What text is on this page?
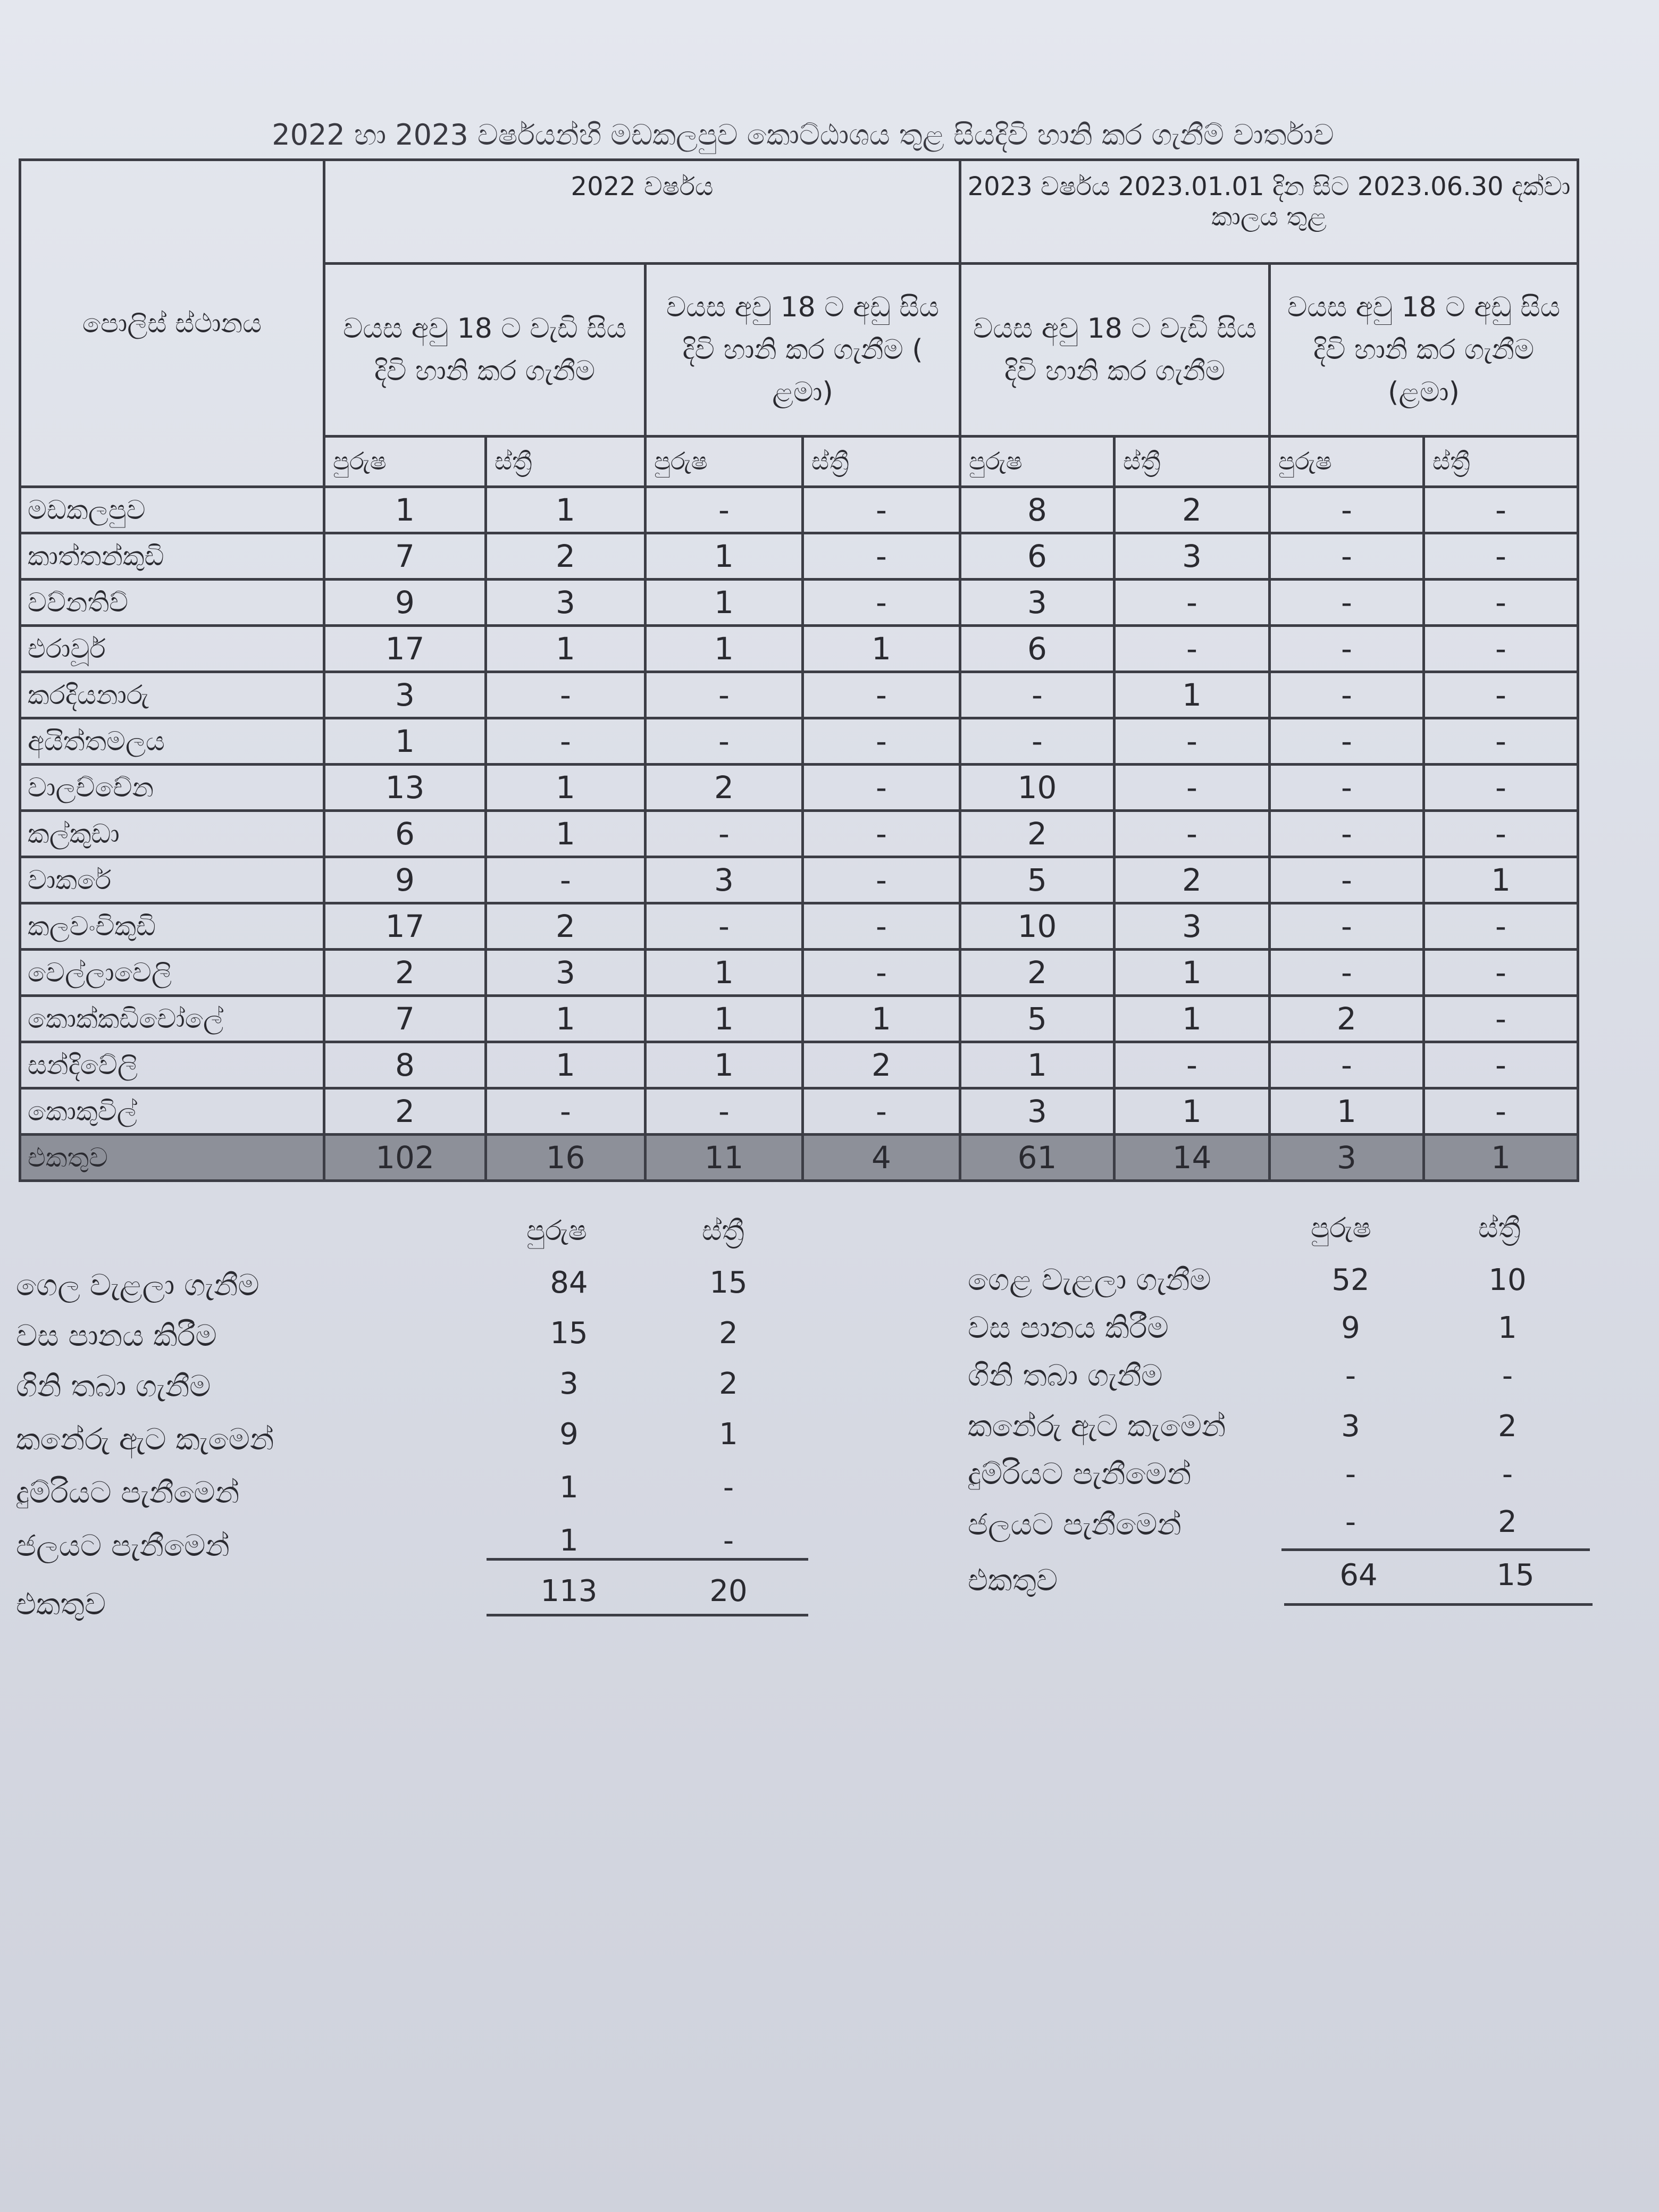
2022 හා 2023 වර්ෂයන්හි මඩකලපුව කොට්ඨාශය තුළ සියදිවි හානි කර ගැනීම් වාර්තාව
පොලිස් ස්ථානය	2022 වර්ෂය				2023 වර්ෂය 2023.01.01 දින සිට 2023.06.30 දක්වා කාලය තුළ			
	වයස අවු 18 ට වැඩි සිය දිවි හානි කර ගැනීම		වයස අවු 18 ට අඩු සිය දිවි හානි කර ගැනීම ( ළමා)		වයස අවු 18 ට වැඩි සිය දිවි හානි කර ගැනීම		වයස අවු 18 ට අඩු සිය දිවි හානි කර ගැනීම (ළමා)	
	පුරුෂ	ස්ත්‍රී	පුරුෂ	ස්ත්‍රී	පුරුෂ	ස්ත්‍රී	පුරුෂ	ස්ත්‍රී
මඩකලපුව	1	1	-	-	8	2	-	-
කාත්තන්කුඩි	7	2	1	-	6	3	-	-
වව්නතිව්	9	3	1	-	3	-	-	-
එරාවූර්	17	1	1	1	6	-	-	-
කරදියනාරු	3	-	-	-	-	1	-	-
අයිත්තමලය	1	-	-	-	-	-	-	-
වාලච්චේන	13	1	2	-	10	-	-	-
කල්කුඩා	6	1	-	-	2	-	-	-
වාකරේ	9	-	3	-	5	2	-	1
කලවංචිකුඩි	17	2	-	-	10	3	-	-
වෙල්ලාවෙලි	2	3	1	-	2	1	-	-
කොක්කඩිචෝලේ	7	1	1	1	5	1	2	-
සන්දිවේලි	8	1	1	2	1	-	-	-
කොකුවිල්	2	-	-	-	3	1	1	-
එකතුව	102	16	11	4	61	14	3	1
පුරුෂ	ස්ත්‍රී
ගෙල වැළලා ගැනීම	84	15
වස පානය කිරීම	15	2
ගිනි තබා ගැනීම	3	2
කනේරු ඇට කැමෙන්	9	1
දුම්රියට පැනීමෙන්	1	-
ජලයට පැනීමෙන්	1	-
එකතුව	113	20
පුරුෂ	ස්ත්‍රී
ගෙළ වැළලා ගැනීම	52	10
වස පානය කිරීම	9	1
ගිනි තබා ගැනීම	-	-
කනේරු ඇට කැමෙන්	3	2
දුම්රියට පැනීමෙන්	-	-
ජලයට පැනීමෙන්	-	2
එකතුව	64	15
